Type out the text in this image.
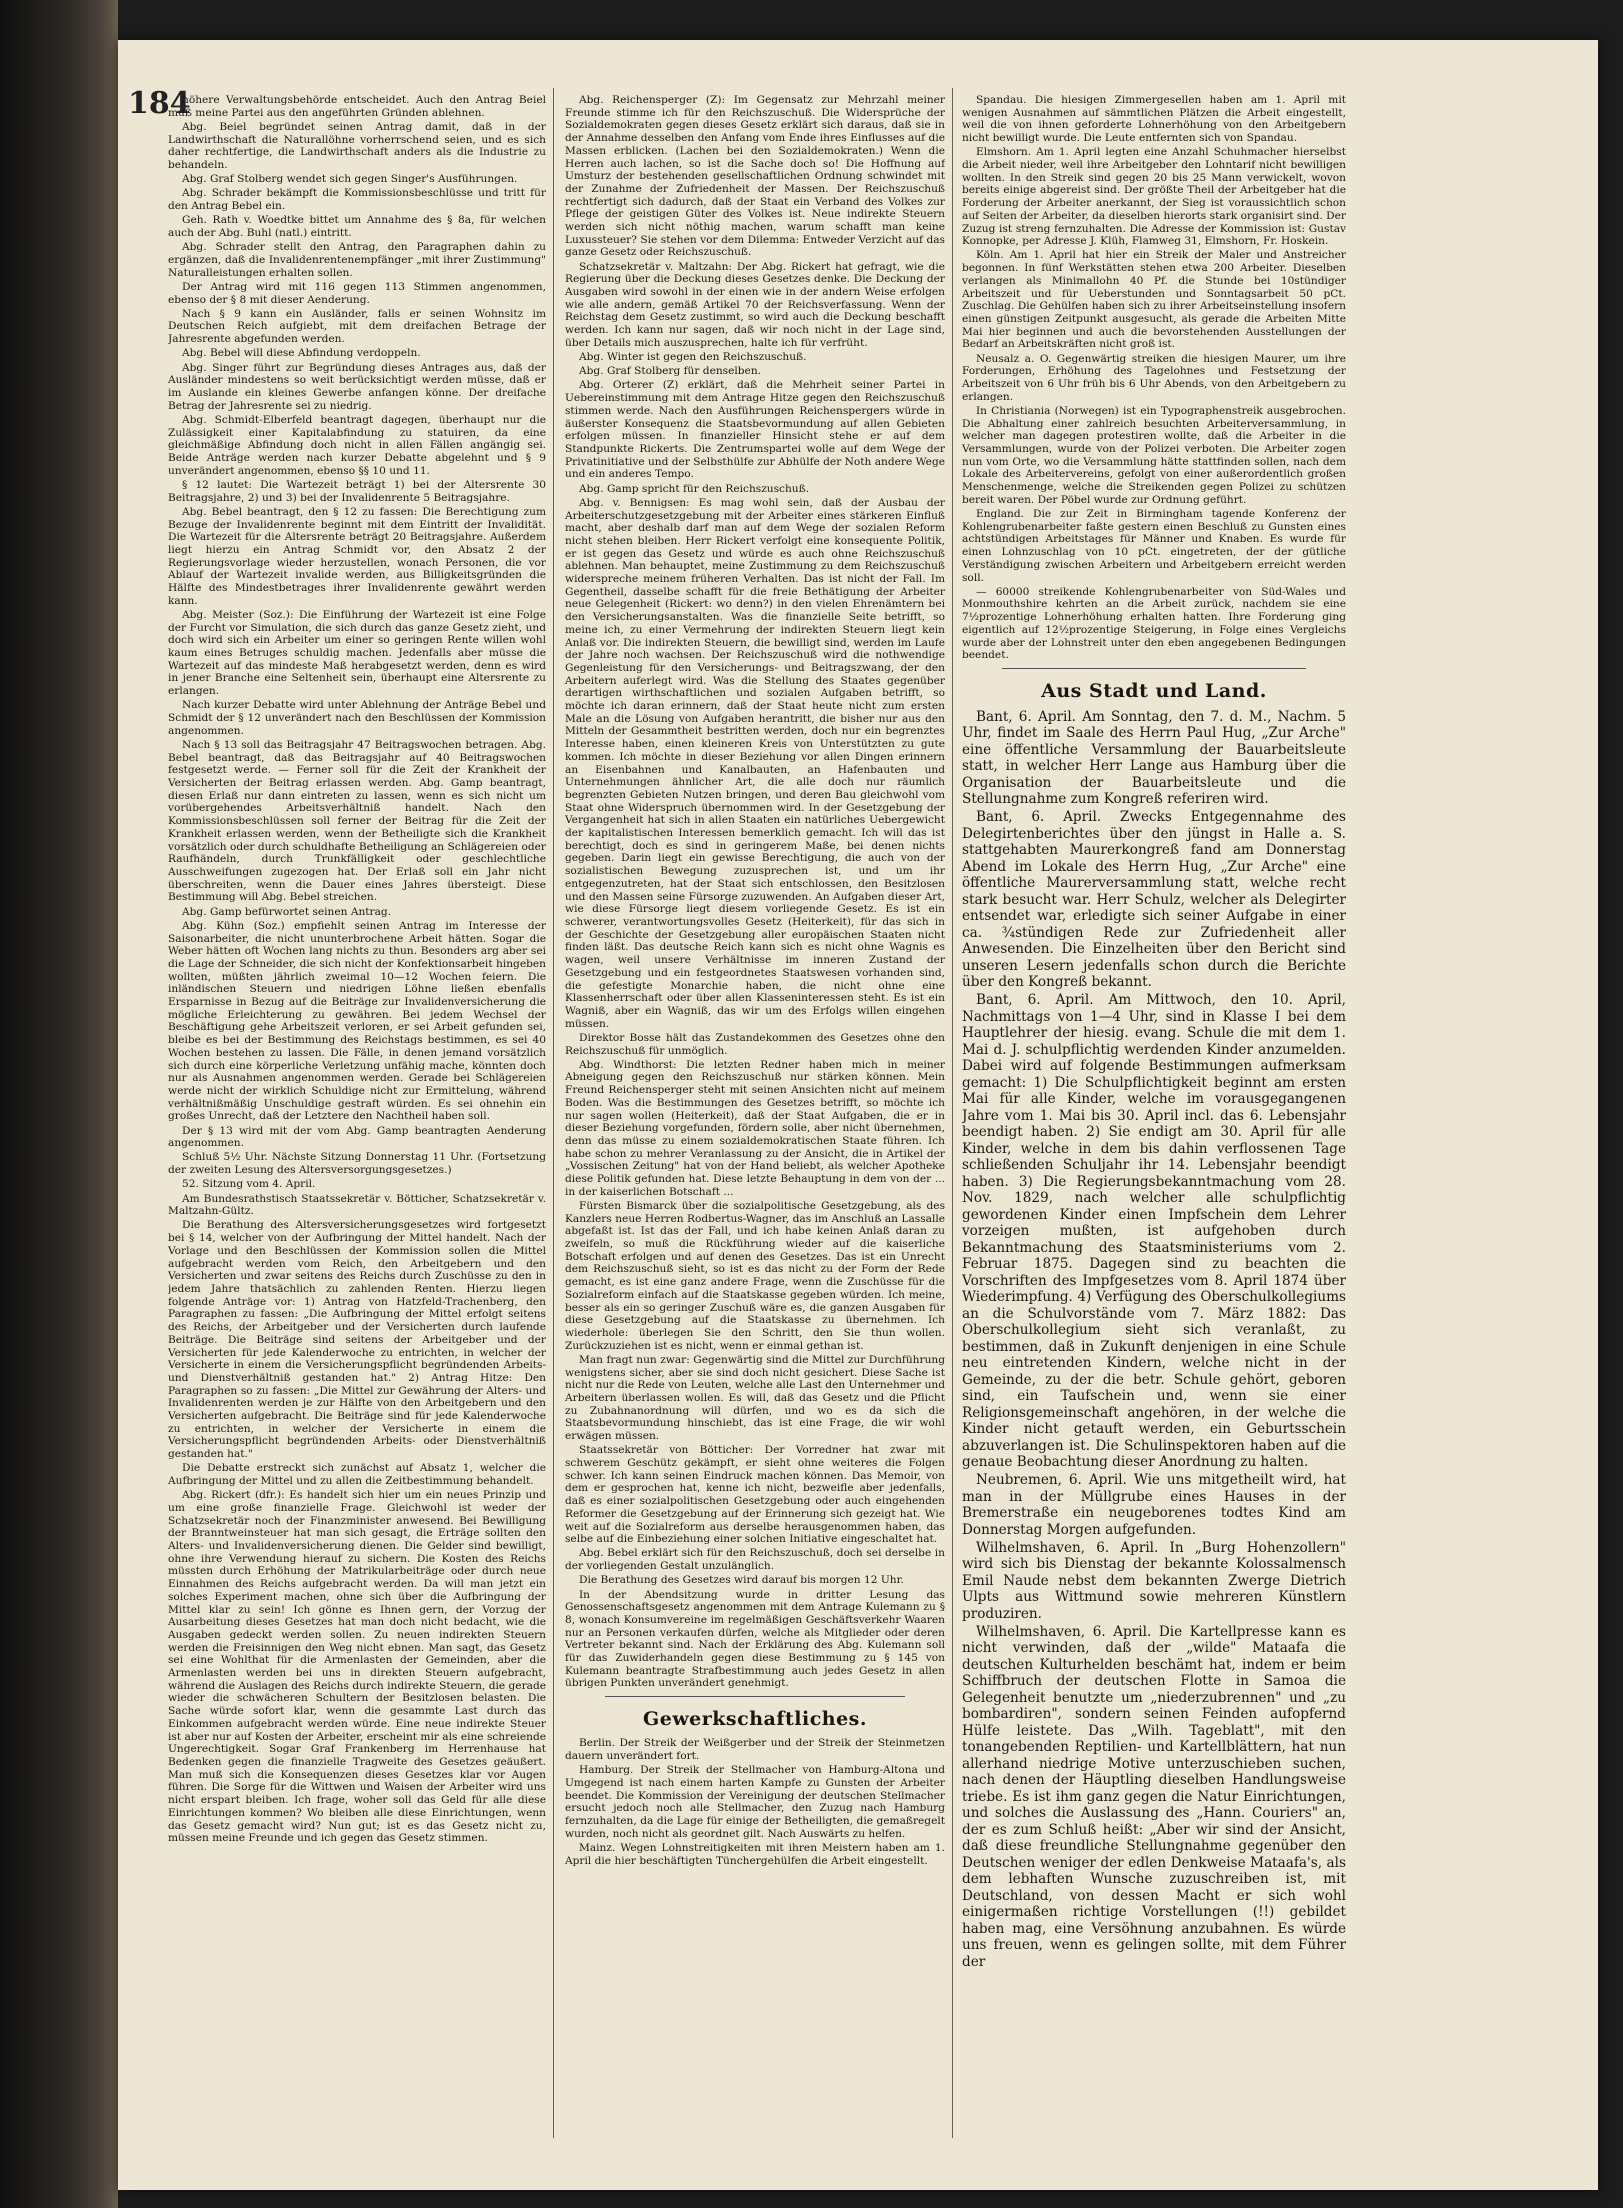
184

höhere Verwaltungsbehörde entscheidet. Auch den Antrag Beiel muß meine Partei aus den angeführten Gründen ablehnen.

Abg. Beiel begründet seinen Antrag damit, daß in der Landwirthschaft die Naturallöhne vorherrschend seien, und es sich daher rechtfertige, die Landwirthschaft anders als die Industrie zu behandeln.

Abg. Graf Stolberg wendet sich gegen Singer's Ausführungen.

Abg. Schrader bekämpft die Kommissionsbeschlüsse und tritt für den Antrag Bebel ein.

Geh. Rath v. Woedtke bittet um Annahme des § 8a, für welchen auch der Abg. Buhl (natl.) eintritt.

Abg. Schrader stellt den Antrag, den Paragraphen dahin zu ergänzen, daß die Invalidenrentenempfänger „mit ihrer Zustimmung" Naturalleistungen erhalten sollen.

Der Antrag wird mit 116 gegen 113 Stimmen angenommen, ebenso der § 8 mit dieser Aenderung.

Nach § 9 kann ein Ausländer, falls er seinen Wohnsitz im Deutschen Reich aufgiebt, mit dem dreifachen Betrage der Jahresrente abgefunden werden.

Abg. Bebel will diese Abfindung verdoppeln.

Abg. Singer führt zur Begründung dieses Antrages aus, daß der Ausländer mindestens so weit berücksichtigt werden müsse, daß er im Auslande ein kleines Gewerbe anfangen könne. Der dreifache Betrag der Jahresrente sei zu niedrig.

Abg. Schmidt-Elberfeld beantragt dagegen, überhaupt nur die Zulässigkeit einer Kapitalabfindung zu statuiren, da eine gleichmäßige Abfindung doch nicht in allen Fällen angängig sei. Beide Anträge werden nach kurzer Debatte abgelehnt und § 9 unverändert angenommen, ebenso §§ 10 und 11.

§ 12 lautet: Die Wartezeit beträgt 1) bei der Altersrente 30 Beitragsjahre, 2) und 3) bei der Invalidenrente 5 Beitragsjahre.

Abg. Bebel beantragt, den § 12 zu fassen: Die Berechtigung zum Bezuge der Invalidenrente beginnt mit dem Eintritt der Invalidität. Die Wartezeit für die Altersrente beträgt 20 Beitragsjahre. Außerdem liegt hierzu ein Antrag Schmidt vor, den Absatz 2 der Regierungsvorlage wieder herzustellen, wonach Personen, die vor Ablauf der Wartezeit invalide werden, aus Billigkeitsgründen die Hälfte des Mindestbetrages ihrer Invalidenrente gewährt werden kann.

Abg. Meister (Soz.): Die Einführung der Wartezeit ist eine Folge der Furcht vor Simulation, die sich durch das ganze Gesetz zieht, und doch wird sich ein Arbeiter um einer so geringen Rente willen wohl kaum eines Betruges schuldig machen. Jedenfalls aber müsse die Wartezeit auf das mindeste Maß herabgesetzt werden, denn es wird in jener Branche eine Seltenheit sein, überhaupt eine Altersrente zu erlangen.

Nach kurzer Debatte wird unter Ablehnung der Anträge Bebel und Schmidt der § 12 unverändert nach den Beschlüssen der Kommission angenommen.

Nach § 13 soll das Beitragsjahr 47 Beitragswochen betragen. Abg. Bebel beantragt, daß das Beitragsjahr auf 40 Beitragswochen festgesetzt werde. — Ferner soll für die Zeit der Krankheit der Versicherten der Beitrag erlassen werden. Abg. Gamp beantragt, diesen Erlaß nur dann eintreten zu lassen, wenn es sich nicht um vorübergehendes Arbeitsverhältniß handelt. Nach den Kommissionsbeschlüssen soll ferner der Beitrag für die Zeit der Krankheit erlassen werden, wenn der Betheiligte sich die Krankheit vorsätzlich oder durch schuldhafte Betheiligung an Schlägereien oder Raufhändeln, durch Trunkfälligkeit oder geschlechtliche Ausschweifungen zugezogen hat. Der Erlaß soll ein Jahr nicht überschreiten, wenn die Dauer eines Jahres übersteigt. Diese Bestimmung will Abg. Bebel streichen.

Abg. Gamp befürwortet seinen Antrag.

Abg. Kühn (Soz.) empfiehlt seinen Antrag im Interesse der Saisonarbeiter, die nicht ununterbrochene Arbeit hätten. Sogar die Weber hätten oft Wochen lang nichts zu thun. Besonders arg aber sei die Lage der Schneider, die sich nicht der Konfektionsarbeit hingeben wollten, müßten jährlich zweimal 10—12 Wochen feiern. Die inländischen Steuern und niedrigen Löhne ließen ebenfalls Ersparnisse in Bezug auf die Beiträge zur Invalidenversicherung die mögliche Erleichterung zu gewähren. Bei jedem Wechsel der Beschäftigung gehe Arbeitszeit verloren, er sei Arbeit gefunden sei, bleibe es bei der Bestimmung des Reichstags bestimmen, es sei 40 Wochen bestehen zu lassen. Die Fälle, in denen jemand vorsätzlich sich durch eine körperliche Verletzung unfähig mache, könnten doch nur als Ausnahmen angenommen werden. Gerade bei Schlägereien werde nicht der wirklich Schuldige nicht zur Ermittelung, während verhältnißmäßig Unschuldige gestraft würden. Es sei ohnehin ein großes Unrecht, daß der Letztere den Nachtheil haben soll.

Der § 13 wird mit der vom Abg. Gamp beantragten Aenderung angenommen.

Schluß 5½ Uhr. Nächste Sitzung Donnerstag 11 Uhr. (Fortsetzung der zweiten Lesung des Altersversorgungsgesetzes.)

52. Sitzung vom 4. April.

Am Bundesrathstisch Staatssekretär v. Bötticher, Schatzsekretär v. Maltzahn-Gültz.

Die Berathung des Altersversicherungsgesetzes wird fortgesetzt bei § 14, welcher von der Aufbringung der Mittel handelt. Nach der Vorlage und den Beschlüssen der Kommission sollen die Mittel aufgebracht werden vom Reich, den Arbeitgebern und den Versicherten und zwar seitens des Reichs durch Zuschüsse zu den in jedem Jahre thatsächlich zu zahlenden Renten. Hierzu liegen folgende Anträge vor: 1) Antrag von Hatzfeld-Trachenberg, den Paragraphen zu fassen: „Die Aufbringung der Mittel erfolgt seitens des Reichs, der Arbeitgeber und der Versicherten durch laufende Beiträge. Die Beiträge sind seitens der Arbeitgeber und der Versicherten für jede Kalenderwoche zu entrichten, in welcher der Versicherte in einem die Versicherungspflicht begründenden Arbeits- und Dienstverhältniß gestanden hat." 2) Antrag Hitze: Den Paragraphen so zu fassen: „Die Mittel zur Gewährung der Alters- und Invalidenrenten werden je zur Hälfte von den Arbeitgebern und den Versicherten aufgebracht. Die Beiträge sind für jede Kalenderwoche zu entrichten, in welcher der Versicherte in einem die Versicherungspflicht begründenden Arbeits- oder Dienstverhältniß gestanden hat."

Die Debatte erstreckt sich zunächst auf Absatz 1, welcher die Aufbringung der Mittel und zu allen die Zeitbestimmung behandelt.

Abg. Rickert (dfr.): Es handelt sich hier um ein neues Prinzip und um eine große finanzielle Frage. Gleichwohl ist weder der Schatzsekretär noch der Finanzminister anwesend. Bei Bewilligung der Branntweinsteuer hat man sich gesagt, die Erträge sollten den Alters- und Invalidenversicherung dienen. Die Gelder sind bewilligt, ohne ihre Verwendung hierauf zu sichern. Die Kosten des Reichs müssten durch Erhöhung der Matrikularbeiträge oder durch neue Einnahmen des Reichs aufgebracht werden. Da will man jetzt ein solches Experiment machen, ohne sich über die Aufbringung der Mittel klar zu sein! Ich gönne es Ihnen gern, der Vorzug der Ausarbeitung dieses Gesetzes hat man doch nicht bedacht, wie die Ausgaben gedeckt werden sollen. Zu neuen indirekten Steuern werden die Freisinnigen den Weg nicht ebnen. Man sagt, das Gesetz sei eine Wohlthat für die Armenlasten der Gemeinden, aber die Armenlasten werden bei uns in direkten Steuern aufgebracht, während die Auslagen des Reichs durch indirekte Steuern, die gerade wieder die schwächeren Schultern der Besitzlosen belasten. Die Sache würde sofort klar, wenn die gesammte Last durch das Einkommen aufgebracht werden würde. Eine neue indirekte Steuer ist aber nur auf Kosten der Arbeiter, erscheint mir als eine schreiende Ungerechtigkeit. Sogar Graf Frankenberg im Herrenhause hat Bedenken gegen die finanzielle Tragweite des Gesetzes geäußert. Man muß sich die Konsequenzen dieses Gesetzes klar vor Augen führen. Die Sorge für die Wittwen und Waisen der Arbeiter wird uns nicht erspart bleiben. Ich frage, woher soll das Geld für alle diese Einrichtungen kommen? Wo bleiben alle diese Einrichtungen, wenn das Gesetz gemacht wird? Nun gut; ist es das Gesetz nicht zu, müssen meine Freunde und ich gegen das Gesetz stimmen.

Abg. Reichensperger (Z): Im Gegensatz zur Mehrzahl meiner Freunde stimme ich für den Reichszuschuß. Die Widersprüche der Sozialdemokraten gegen dieses Gesetz erklärt sich daraus, daß sie in der Annahme desselben den Anfang vom Ende ihres Einflusses auf die Massen erblicken. (Lachen bei den Sozialdemokraten.) Wenn die Herren auch lachen, so ist die Sache doch so! Die Hoffnung auf Umsturz der bestehenden gesellschaftlichen Ordnung schwindet mit der Zunahme der Zufriedenheit der Massen. Der Reichszuschuß rechtfertigt sich dadurch, daß der Staat ein Verband des Volkes zur Pflege der geistigen Güter des Volkes ist. Neue indirekte Steuern werden sich nicht nöthig machen, warum schafft man keine Luxussteuer? Sie stehen vor dem Dilemma: Entweder Verzicht auf das ganze Gesetz oder Reichszuschuß.

Schatzsekretär v. Maltzahn: Der Abg. Rickert hat gefragt, wie die Regierung über die Deckung dieses Gesetzes denke. Die Deckung der Ausgaben wird sowohl in der einen wie in der andern Weise erfolgen wie alle andern, gemäß Artikel 70 der Reichsverfassung. Wenn der Reichstag dem Gesetz zustimmt, so wird auch die Deckung beschafft werden. Ich kann nur sagen, daß wir noch nicht in der Lage sind, über Details mich auszusprechen, halte ich für verfrüht.

Abg. Winter ist gegen den Reichszuschuß.

Abg. Graf Stolberg für denselben.

Abg. Orterer (Z) erklärt, daß die Mehrheit seiner Partei in Uebereinstimmung mit dem Antrage Hitze gegen den Reichszuschuß stimmen werde. Nach den Ausführungen Reichenspergers würde in äußerster Konsequenz die Staatsbevormundung auf allen Gebieten erfolgen müssen. In finanzieller Hinsicht stehe er auf dem Standpunkte Rickerts. Die Zentrumspartei wolle auf dem Wege der Privatinitiative und der Selbsthülfe zur Abhülfe der Noth andere Wege und ein anderes Tempo.

Abg. Gamp spricht für den Reichszuschuß.

Abg. v. Bennigsen: Es mag wohl sein, daß der Ausbau der Arbeiterschutzgesetzgebung mit der Arbeiter eines stärkeren Einfluß macht, aber deshalb darf man auf dem Wege der sozialen Reform nicht stehen bleiben. Herr Rickert verfolgt eine konsequente Politik, er ist gegen das Gesetz und würde es auch ohne Reichszuschuß ablehnen. Man behauptet, meine Zustimmung zu dem Reichszuschuß widerspreche meinem früheren Verhalten. Das ist nicht der Fall. Im Gegentheil, dasselbe schafft für die freie Bethätigung der Arbeiter neue Gelegenheit (Rickert: wo denn?) in den vielen Ehrenämtern bei den Versicherungsanstalten. Was die finanzielle Seite betrifft, so meine ich, zu einer Vermehrung der indirekten Steuern liegt kein Anlaß vor. Die indirekten Steuern, die bewilligt sind, werden im Laufe der Jahre noch wachsen. Der Reichszuschuß wird die nothwendige Gegenleistung für den Versicherungs- und Beitragszwang, der den Arbeitern auferlegt wird. Was die Stellung des Staates gegenüber derartigen wirthschaftlichen und sozialen Aufgaben betrifft, so möchte ich daran erinnern, daß der Staat heute nicht zum ersten Male an die Lösung von Aufgaben herantritt, die bisher nur aus den Mitteln der Gesammtheit bestritten werden, doch nur ein begrenztes Interesse haben, einen kleineren Kreis von Unterstützten zu gute kommen. Ich möchte in dieser Beziehung vor allen Dingen erinnern an Eisenbahnen und Kanalbauten, an Hafenbauten und Unternehmungen ähnlicher Art, die alle doch nur räumlich begrenzten Gebieten Nutzen bringen, und deren Bau gleichwohl vom Staat ohne Widerspruch übernommen wird. In der Gesetzgebung der Vergangenheit hat sich in allen Staaten ein natürliches Uebergewicht der kapitalistischen Interessen bemerklich gemacht. Ich will das ist berechtigt, doch es sind in geringerem Maße, bei denen nichts gegeben. Darin liegt ein gewisse Berechtigung, die auch von der sozialistischen Bewegung zuzusprechen ist, und um ihr entgegenzutreten, hat der Staat sich entschlossen, den Besitzlosen und den Massen seine Fürsorge zuzuwenden. An Aufgaben dieser Art, wie diese Fürsorge liegt diesem vorliegende Gesetz. Es ist ein schwerer, verantwortungsvolles Gesetz (Heiterkeit), für das sich in der Geschichte der Gesetzgebung aller europäischen Staaten nicht finden läßt. Das deutsche Reich kann sich es nicht ohne Wagnis es wagen, weil unsere Verhältnisse im inneren Zustand der Gesetzgebung und ein festgeordnetes Staatswesen vorhanden sind, die gefestigte Monarchie haben, die nicht ohne eine Klassenherrschaft oder über allen Klasseninteressen steht. Es ist ein Wagniß, aber ein Wagniß, das wir um des Erfolgs willen eingehen müssen.

Direktor Bosse hält das Zustandekommen des Gesetzes ohne den Reichszuschuß für unmöglich.

Abg. Windthorst: Die letzten Redner haben mich in meiner Abneigung gegen den Reichszuschuß nur stärken können. Mein Freund Reichensperger steht mit seinen Ansichten nicht auf meinem Boden. Was die Bestimmungen des Gesetzes betrifft, so möchte ich nur sagen wollen (Heiterkeit), daß der Staat Aufgaben, die er in dieser Beziehung vorgefunden, fördern solle, aber nicht übernehmen, denn das müsse zu einem sozialdemokratischen Staate führen. Ich habe schon zu mehrer Veranlassung zu der Ansicht, die in Artikel der „Vossischen Zeitung" hat von der Hand beliebt, als welcher Apotheke diese Politik gefunden hat. Diese letzte Behauptung in dem von der ... in der kaiserlichen Botschaft ...

Fürsten Bismarck über die sozialpolitische Gesetzgebung, als des Kanzlers neue Herren Rodbertus-Wagner, das im Anschluß an Lassalle abgefaßt ist. Ist das der Fall, und ich habe keinen Anlaß daran zu zweifeln, so muß die Rückführung wieder auf die kaiserliche Botschaft erfolgen und auf denen des Gesetzes. Das ist ein Unrecht dem Reichszuschuß sieht, so ist es das nicht zu der Form der Rede gemacht, es ist eine ganz andere Frage, wenn die Zuschüsse für die Sozialreform einfach auf die Staatskasse gegeben würden. Ich meine, besser als ein so geringer Zuschuß wäre es, die ganzen Ausgaben für diese Gesetzgebung auf die Staatskasse zu übernehmen. Ich wiederhole: überlegen Sie den Schritt, den Sie thun wollen. Zurückzuziehen ist es nicht, wenn er einmal gethan ist.

Man fragt nun zwar: Gegenwärtig sind die Mittel zur Durchführung wenigstens sicher, aber sie sind doch nicht gesichert. Diese Sache ist nicht nur die Rede von Leuten, welche alle Last den Unternehmer und Arbeitern überlassen wollen. Es will, daß das Gesetz und die Pflicht zu Zubahnanordnung will dürfen, und wo es da sich die Staatsbevormundung hinschiebt, das ist eine Frage, die wir wohl erwägen müssen.

Staatssekretär von Bötticher: Der Vorredner hat zwar mit schwerem Geschütz gekämpft, er sieht ohne weiteres die Folgen schwer. Ich kann seinen Eindruck machen können. Das Memoir, von dem er gesprochen hat, kenne ich nicht, bezweifle aber jedenfalls, daß es einer sozialpolitischen Gesetzgebung oder auch eingehenden Reformer die Gesetzgebung auf der Erinnerung sich gezeigt hat. Wie weit auf die Sozialreform aus derselbe herausgenommen haben, das selbe auf die Einbeziehung einer solchen Initiative eingeschaltet hat.

Abg. Bebel erklärt sich für den Reichszuschuß, doch sei derselbe in der vorliegenden Gestalt unzulänglich.

Die Berathung des Gesetzes wird darauf bis morgen 12 Uhr.

In der Abendsitzung wurde in dritter Lesung das Genossenschaftsgesetz angenommen mit dem Antrage Kulemann zu § 8, wonach Konsumvereine im regelmäßigen Geschäftsverkehr Waaren nur an Personen verkaufen dürfen, welche als Mitglieder oder deren Vertreter bekannt sind. Nach der Erklärung des Abg. Kulemann soll für das Zuwiderhandeln gegen diese Bestimmung zu § 145 von Kulemann beantragte Strafbestimmung auch jedes Gesetz in allen übrigen Punkten unverändert genehmigt.

Gewerkschaftliches.

Berlin. Der Streik der Weißgerber und der Streik der Steinmetzen dauern unverändert fort.

Hamburg. Der Streik der Stellmacher von Hamburg-Altona und Umgegend ist nach einem harten Kampfe zu Gunsten der Arbeiter beendet. Die Kommission der Vereinigung der deutschen Stellmacher ersucht jedoch noch alle Stellmacher, den Zuzug nach Hamburg fernzuhalten, da die Lage für einige der Betheiligten, die gemaßregelt wurden, noch nicht als geordnet gilt. Nach Auswärts zu helfen.

Mainz. Wegen Lohnstreitigkeiten mit ihren Meistern haben am 1. April die hier beschäftigten Tünchergehülfen die Arbeit eingestellt.

Spandau. Die hiesigen Zimmergesellen haben am 1. April mit wenigen Ausnahmen auf sämmtlichen Plätzen die Arbeit eingestellt, weil die von ihnen geforderte Lohnerhöhung von den Arbeitgebern nicht bewilligt wurde. Die Leute entfernten sich von Spandau.

Elmshorn. Am 1. April legten eine Anzahl Schuhmacher hierselbst die Arbeit nieder, weil ihre Arbeitgeber den Lohntarif nicht bewilligen wollten. In den Streik sind gegen 20 bis 25 Mann verwickelt, wovon bereits einige abgereist sind. Der größte Theil der Arbeitgeber hat die Forderung der Arbeiter anerkannt, der Sieg ist voraussichtlich schon auf Seiten der Arbeiter, da dieselben hierorts stark organisirt sind. Der Zuzug ist streng fernzuhalten. Die Adresse der Kommission ist: Gustav Konnopke, per Adresse J. Klüh, Flamweg 31, Elmshorn, Fr. Hoskein.

Köln. Am 1. April hat hier ein Streik der Maler und Anstreicher begonnen. In fünf Werkstätten stehen etwa 200 Arbeiter. Dieselben verlangen als Minimallohn 40 Pf. die Stunde bei 10stündiger Arbeitszeit und für Ueberstunden und Sonntagsarbeit 50 pCt. Zuschlag. Die Gehülfen haben sich zu ihrer Arbeitseinstellung insofern einen günstigen Zeitpunkt ausgesucht, als gerade die Arbeiten Mitte Mai hier beginnen und auch die bevorstehenden Ausstellungen der Bedarf an Arbeitskräften nicht groß ist.

Neusalz a. O. Gegenwärtig streiken die hiesigen Maurer, um ihre Forderungen, Erhöhung des Tagelohnes und Festsetzung der Arbeitszeit von 6 Uhr früh bis 6 Uhr Abends, von den Arbeitgebern zu erlangen.

In Christiania (Norwegen) ist ein Typographenstreik ausgebrochen. Die Abhaltung einer zahlreich besuchten Arbeiterversammlung, in welcher man dagegen protestiren wollte, daß die Arbeiter in die Versammlungen, wurde von der Polizei verboten. Die Arbeiter zogen nun vom Orte, wo die Versammlung hätte stattfinden sollen, nach dem Lokale des Arbeitervereins, gefolgt von einer außerordentlich großen Menschenmenge, welche die Streikenden gegen Polizei zu schützen bereit waren. Der Pöbel wurde zur Ordnung geführt.

England. Die zur Zeit in Birmingham tagende Konferenz der Kohlengrubenarbeiter faßte gestern einen Beschluß zu Gunsten eines achtstündigen Arbeitstages für Männer und Knaben. Es wurde für einen Lohnzuschlag von 10 pCt. eingetreten, der der gütliche Verständigung zwischen Arbeitern und Arbeitgebern erreicht werden soll.

— 60000 streikende Kohlengrubenarbeiter von Süd-Wales und Monmouthshire kehrten an die Arbeit zurück, nachdem sie eine 7½prozentige Lohnerhöhung erhalten hatten. Ihre Forderung ging eigentlich auf 12½prozentige Steigerung, in Folge eines Vergleichs wurde aber der Lohnstreit unter den eben angegebenen Bedingungen beendet.

Aus Stadt und Land.

Bant, 6. April. Am Sonntag, den 7. d. M., Nachm. 5 Uhr, findet im Saale des Herrn Paul Hug, „Zur Arche" eine öffentliche Versammlung der Bauarbeitsleute statt, in welcher Herr Lange aus Hamburg über die Organisation der Bauarbeitsleute und die Stellungnahme zum Kongreß referiren wird.

Bant, 6. April. Zwecks Entgegennahme des Delegirtenberichtes über den jüngst in Halle a. S. stattgehabten Maurerkongreß fand am Donnerstag Abend im Lokale des Herrn Hug, „Zur Arche" eine öffentliche Maurerversammlung statt, welche recht stark besucht war. Herr Schulz, welcher als Delegirter entsendet war, erledigte sich seiner Aufgabe in einer ca. ¾stündigen Rede zur Zufriedenheit aller Anwesenden. Die Einzelheiten über den Bericht sind unseren Lesern jedenfalls schon durch die Berichte über den Kongreß bekannt.

Bant, 6. April. Am Mittwoch, den 10. April, Nachmittags von 1—4 Uhr, sind in Klasse I bei dem Hauptlehrer der hiesig. evang. Schule die mit dem 1. Mai d. J. schulpflichtig werdenden Kinder anzumelden. Dabei wird auf folgende Bestimmungen aufmerksam gemacht: 1) Die Schulpflichtigkeit beginnt am ersten Mai für alle Kinder, welche im vorausgegangenen Jahre vom 1. Mai bis 30. April incl. das 6. Lebensjahr beendigt haben. 2) Sie endigt am 30. April für alle Kinder, welche in dem bis dahin verflossenen Tage schließenden Schuljahr ihr 14. Lebensjahr beendigt haben. 3) Die Regierungsbekanntmachung vom 28. Nov. 1829, nach welcher alle schulpflichtig gewordenen Kinder einen Impfschein dem Lehrer vorzeigen mußten, ist aufgehoben durch Bekanntmachung des Staatsministeriums vom 2. Februar 1875. Dagegen sind zu beachten die Vorschriften des Impfgesetzes vom 8. April 1874 über Wiederimpfung. 4) Verfügung des Oberschulkollegiums an die Schulvorstände vom 7. März 1882: Das Oberschulkollegium sieht sich veranlaßt, zu bestimmen, daß in Zukunft denjenigen in eine Schule neu eintretenden Kindern, welche nicht in der Gemeinde, zu der die betr. Schule gehört, geboren sind, ein Taufschein und, wenn sie einer Religionsgemeinschaft angehören, in der welche die Kinder nicht getauft werden, ein Geburtsschein abzuverlangen ist. Die Schulinspektoren haben auf die genaue Beobachtung dieser Anordnung zu halten.

Neubremen, 6. April. Wie uns mitgetheilt wird, hat man in der Müllgrube eines Hauses in der Bremerstraße ein neugeborenes todtes Kind am Donnerstag Morgen aufgefunden.

Wilhelmshaven, 6. April. In „Burg Hohenzollern" wird sich bis Dienstag der bekannte Kolossalmensch Emil Naude nebst dem bekannten Zwerge Dietrich Ulpts aus Wittmund sowie mehreren Künstlern produziren.

Wilhelmshaven, 6. April. Die Kartellpresse kann es nicht verwinden, daß der „wilde" Mataafa die deutschen Kulturhelden beschämt hat, indem er beim Schiffbruch der deutschen Flotte in Samoa die Gelegenheit benutzte um „niederzubrennen" und „zu bombardiren", sondern seinen Feinden aufopfernd Hülfe leistete. Das „Wilh. Tageblatt", mit den tonangebenden Reptilien- und Kartellblättern, hat nun allerhand niedrige Motive unterzuschieben suchen, nach denen der Häuptling dieselben Handlungsweise triebe. Es ist ihm ganz gegen die Natur Einrichtungen, und solches die Auslassung des „Hann. Couriers" an, der es zum Schluß heißt: „Aber wir sind der Ansicht, daß diese freundliche Stellungnahme gegenüber den Deutschen weniger der edlen Denkweise Mataafa's, als dem lebhaften Wunsche zuzuschreiben ist, mit Deutschland, von dessen Macht er sich wohl einigermaßen richtige Vorstellungen (!!) gebildet haben mag, eine Versöhnung anzubahnen. Es würde uns freuen, wenn es gelingen sollte, mit dem Führer der
